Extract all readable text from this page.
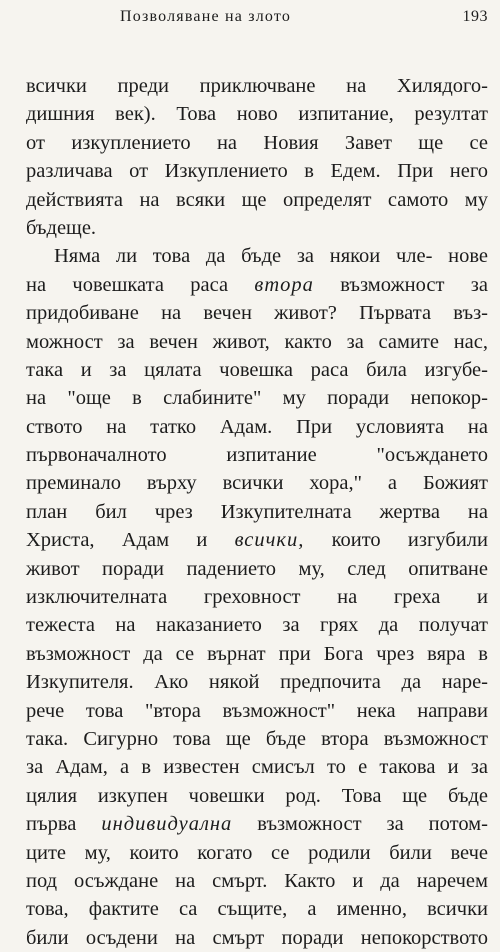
Позволяване на злото	193
всички преди приключване на Хилядого-
дишния век). Това ново изпитание, резултат
от изкуплението на Новия Завет ще се
различава от Изкуплението в Едем. При него
действията на всяки ще определят самото му
бъдеще.
Няма ли това да бъде за някои чле- нове
на човешката раса втора възможност за
придобиване на вечен живот? Първата въз-
можност за вечен живот, както за самите нас,
така и за цялата човешка раса била изгубе-
на "още в слабините" му поради непокор-
ството на татко Адам. При условията на
първоначалното изпитание "осъждането
преминало върху всички хора," а Божият
план бил чрез Изкупителната жертва на
Христа, Адам и всички, които изгубили
живот поради падението му, след опитване
изключителната греховност на греха и
тежеста на наказанието за грях да получат
възможност да се върнат при Бога чрез вяра в
Изкупителя. Ако някой предпочита да наре-
рече това "втора възможност" нека направи
така. Сигурно това ще бъде втора възможност
за Адам, а в известен смисъл то е такова и за
цялия изкупен човешки род. Това ще бъде
първа индивидуална възможност за потом-
ците му, които когато се родили били вече
под осъждане на смърт. Както и да наречем
това, фактите са същите, а именно, всички
били осъдени на смърт поради непокорството
